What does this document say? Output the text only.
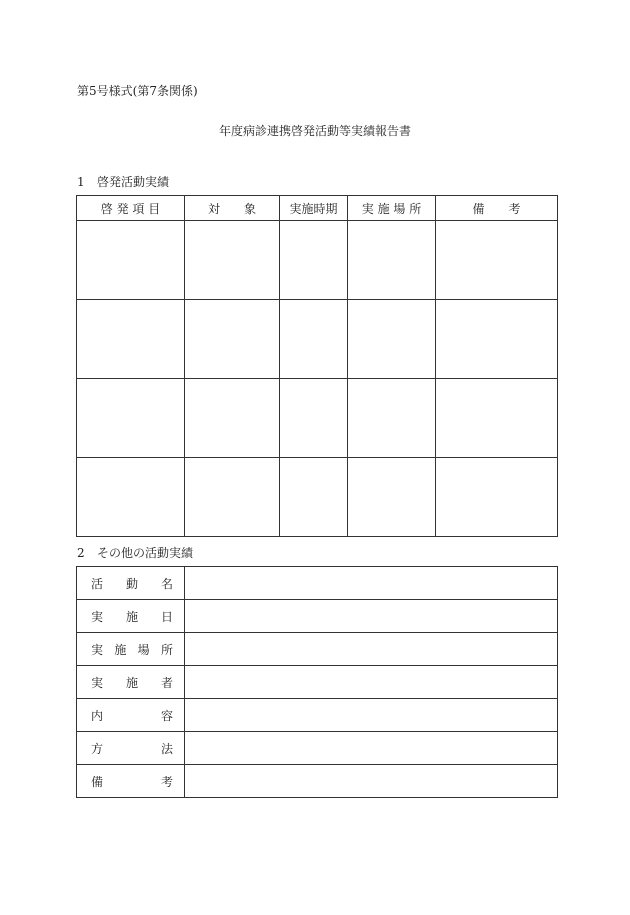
第5号様式(第7条関係)
年度病診連携啓発活動等実績報告書
1 啓発活動実績
啓 発 項 目	対　　象	実施時期	実 施 場 所	備　　考

2 その他の活動実績
活動名	

実施日	

実施場所	

実施者	

内容	

方法	

備考	
